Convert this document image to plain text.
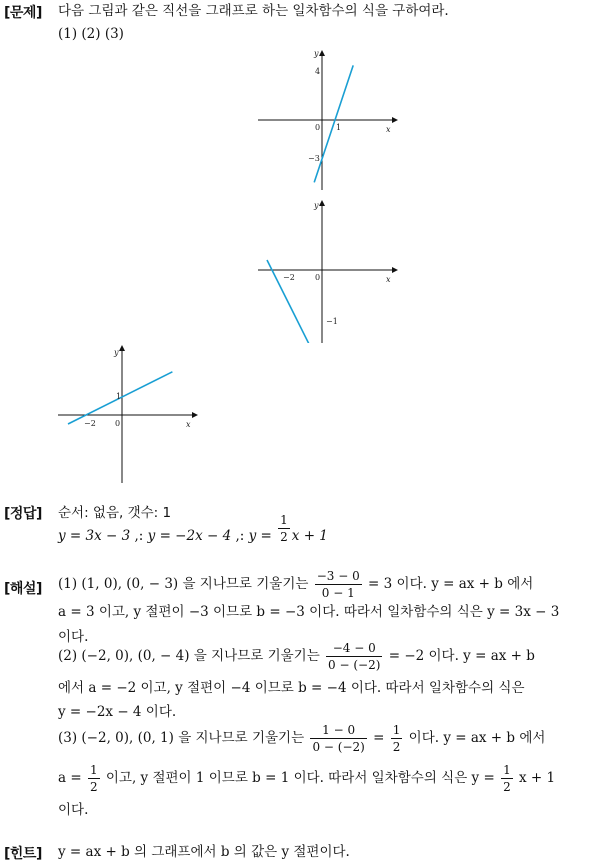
[문제] 다음 그림과 같은 직선을 그래프로 하는 일차함수의 식을 구하여라.
(1) (2) (3)
y
x
4
0
−3
1
y
x
−2	0
−1
y
x
−2 0
1
[정답] 순서: 없음, 갯수: 1
y = 3x − 3 ,: y = −2x − 4 ,: $y = \frac{1}{2}$ x + 1
[해설] (1) (1, 0), (0, − 3) 을 지나므로 기울기는 $\frac{-3 - 0}{0 - 1} = 3$ 이다. y = ax + b 에서
a = 3 이고, y 절편이 −3 이므로 b = −3 이다. 따라서 일차함수의 식은 y = 3x − 3
이다.
(2) (−2, 0), (0, − 4) 을 지나므로 기울기는 $\frac{-4 - 0}{0 - (-2)} = -2$ 이다. y = ax + b
에서 a = −2 이고, y 절편이 −4 이므로 b = −4 이다. 따라서 일차함수의 식은
y = −2x − 4 이다.
(3) (−2, 0), (0, 1) 을 지나므로 기울기는 $\frac{1 - 0}{0 - (-2)} = \frac{1}{2}$ 이다. y = ax + b 에서
$a = \frac{1}{2}$ 이고, y 절편이 1 이므로 b = 1 이다. 따라서 일차함수의 식은 $y = \frac{1}{2}$ x + 1
이다.
[힌트] y = ax + b 의 그래프에서 b 의 값은 y 절편이다.
